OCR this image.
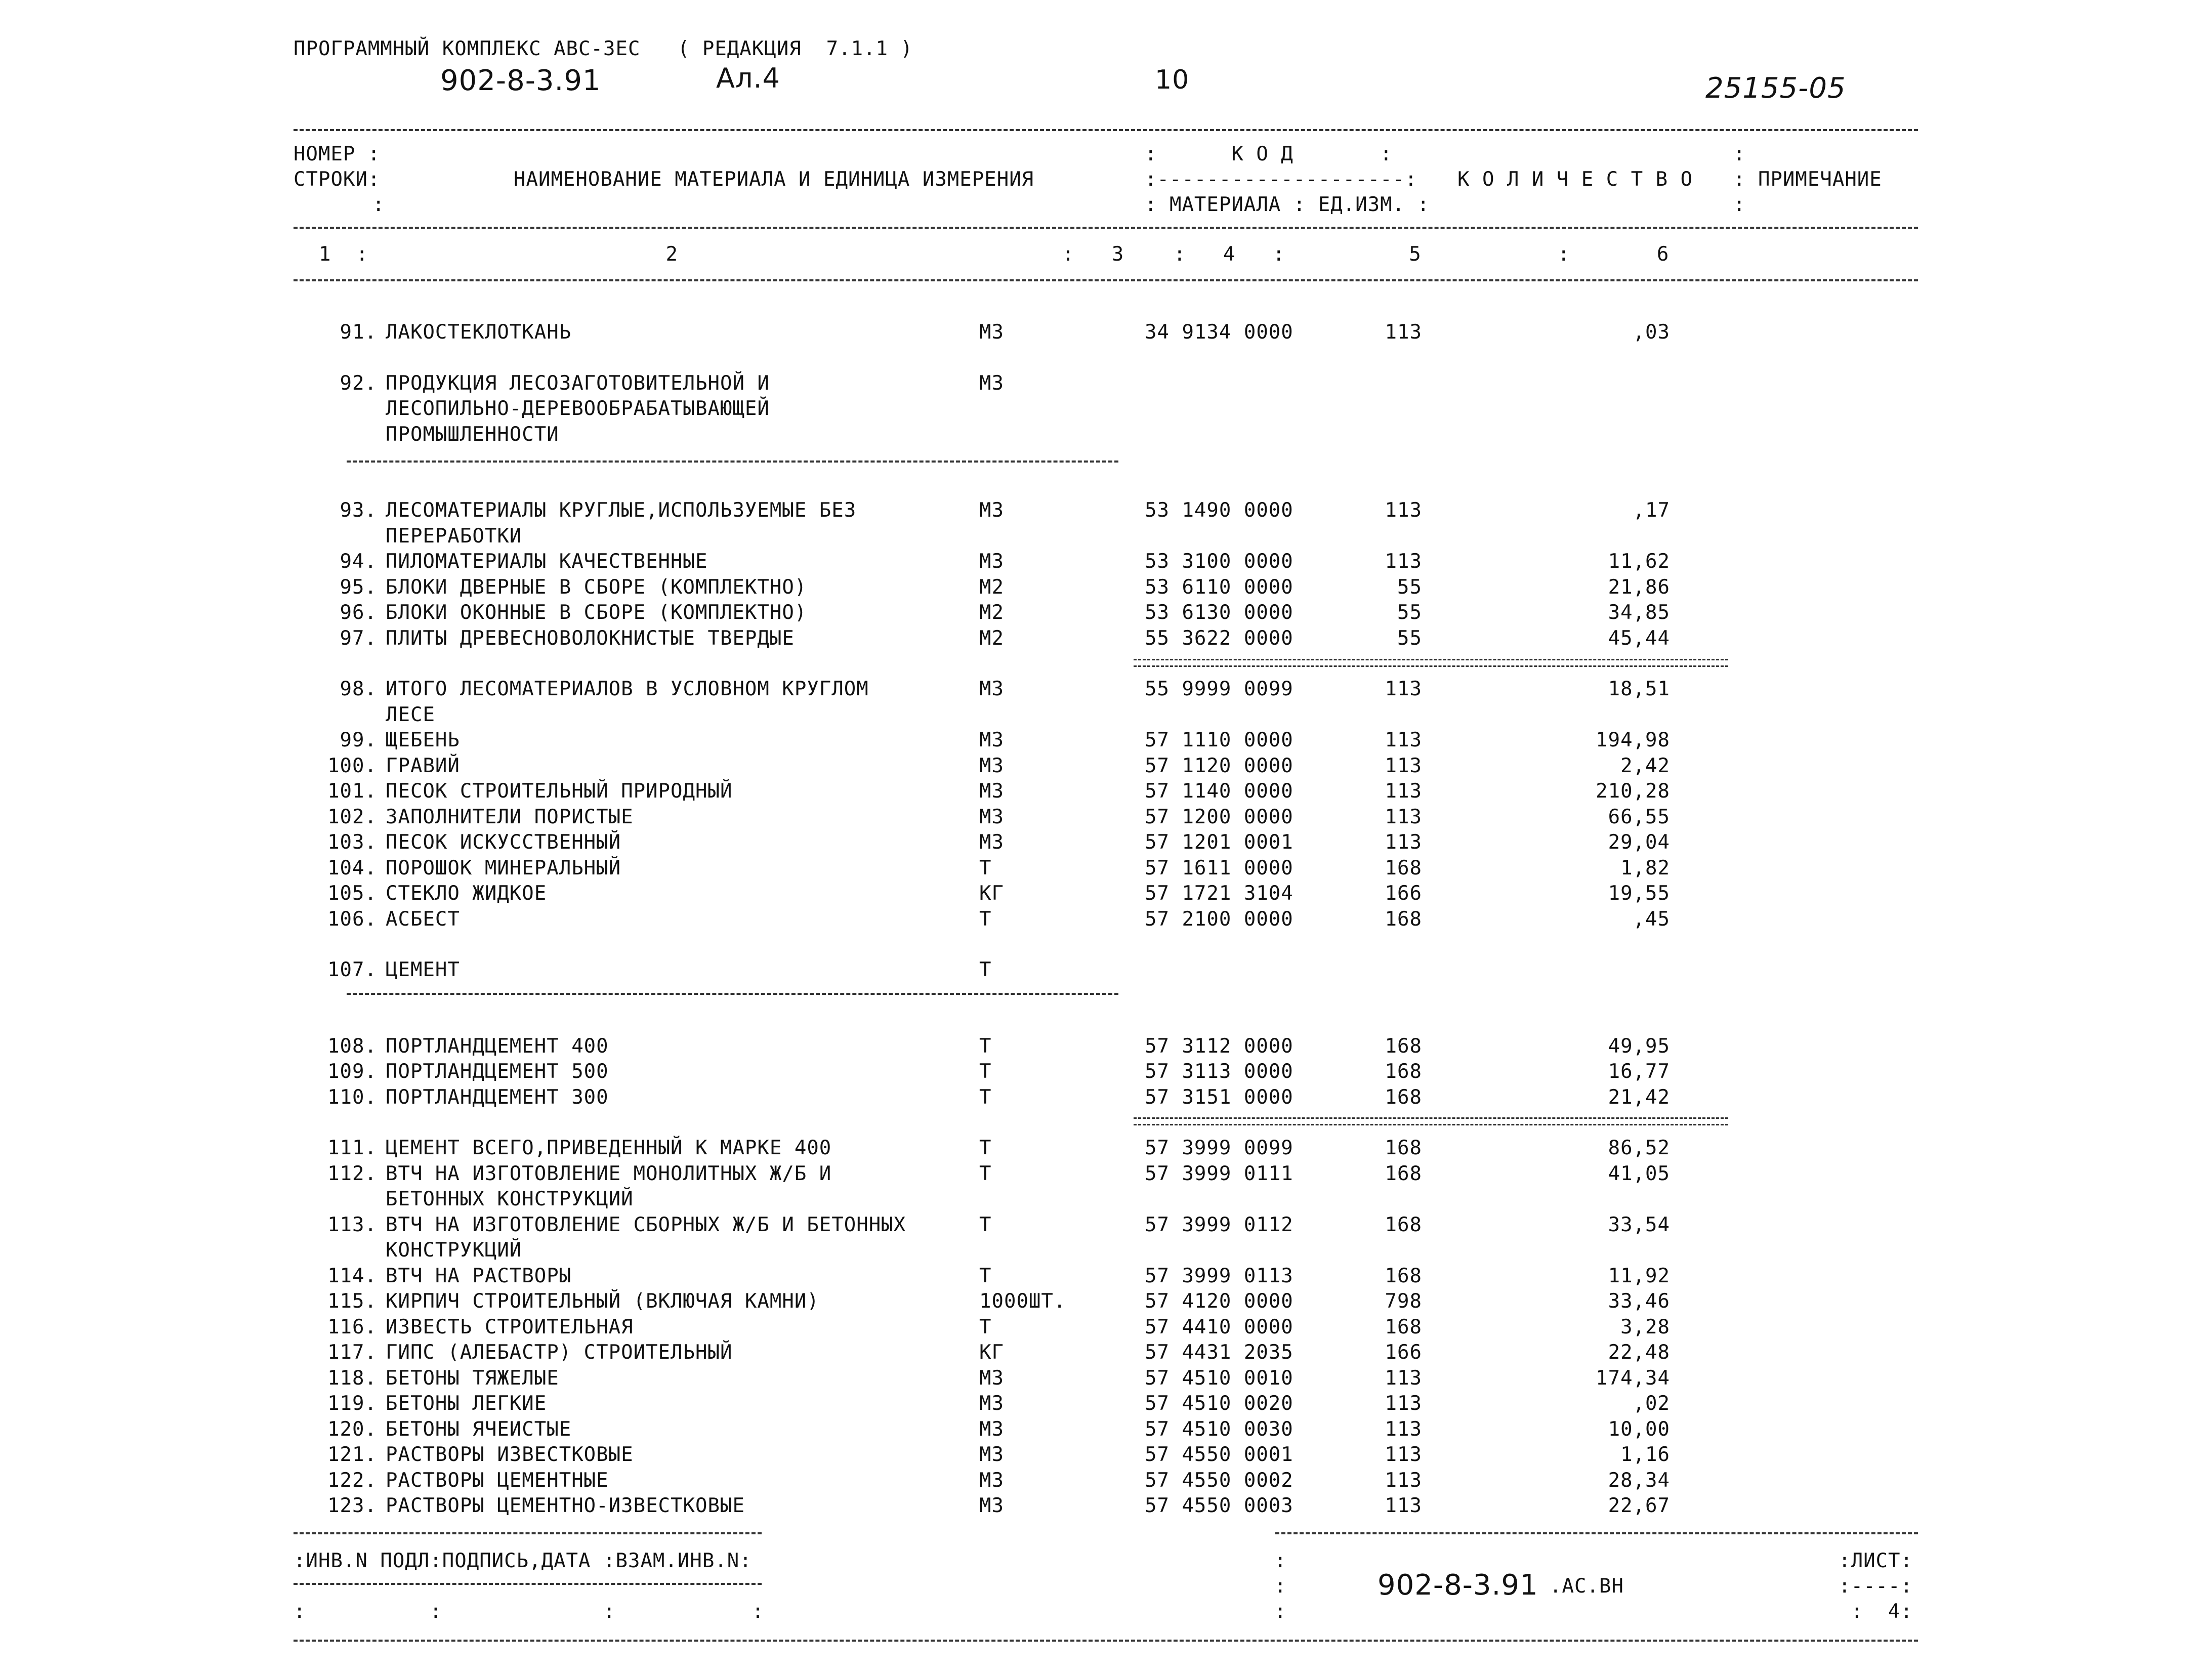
ПРОГРАММНЫЙ КОМПЛЕКС АВС-ЗЕС   ( РЕДАКЦИЯ  7.1.1 )
902-8-3.91	Ал.4	10	25155-05
НОМЕР :
СТРОКИ:
:
НАИМЕНОВАНИЕ МАТЕРИАЛА И ЕДИНИЦА ИЗМЕРЕНИЯ
:      К О Д       :
:--------------------:
: МАТЕРИАЛА : ЕД.ИЗМ. :
К О Л И Ч Е С Т В О
:
: ПРИМЕЧАНИЕ
:
1  :                        2                               :   3    :   4   :          5           :       6
91. ЛАКОСТЕКЛОТКАНЬ	М3	34 9134 0000	113	,03
92. ПРОДУКЦИЯ ЛЕСОЗАГОТОВИТЕЛЬНОЙ И
ЛЕСОПИЛЬНО-ДЕРЕВООБРАБАТЫВАЮЩЕЙ
ПРОМЫШЛЕННОСТИ
М3
93. ЛЕСОМАТЕРИАЛЫ КРУГЛЫЕ,ИСПОЛЬЗУЕМЫЕ БЕЗ
ПЕРЕРАБОТКИ
М3	53 1490 0000	113	,17
94. ПИЛОМАТЕРИАЛЫ КАЧЕСТВЕННЫЕ	М3	53 3100 0000	113	11,62
95. БЛОКИ ДВЕРНЫЕ В СБОРЕ (КОМПЛЕКТНО)	М2	53 6110 0000	55	21,86
96. БЛОКИ ОКОННЫЕ В СБОРЕ (КОМПЛЕКТНО)	М2	53 6130 0000	55	34,85
97. ПЛИТЫ ДРЕВЕСНОВОЛОКНИСТЫЕ ТВЕРДЫЕ	М2	55 3622 0000	55	45,44
98. ИТОГО ЛЕСОМАТЕРИАЛОВ В УСЛОВНОМ КРУГЛОМ
ЛЕСЕ
М3	55 9999 0099	113	18,51
99. ЩЕБЕНЬ	М3	57 1110 0000	113	194,98
100. ГРАВИЙ	М3	57 1120 0000	113	2,42
101. ПЕСОК СТРОИТЕЛЬНЫЙ ПРИРОДНЫЙ	М3	57 1140 0000	113	210,28
102. ЗАПОЛНИТЕЛИ ПОРИСТЫЕ	М3	57 1200 0000	113	66,55
103. ПЕСОК ИСКУССТВЕННЫЙ	М3	57 1201 0001	113	29,04
104. ПОРОШОК МИНЕРАЛЬНЫЙ	Т	57 1611 0000	168	1,82
105. СТЕКЛО ЖИДКОЕ	КГ	57 1721 3104	166	19,55
106. АСБЕСТ	Т	57 2100 0000	168	,45
107. ЦЕМЕНТ	Т
108. ПОРТЛАНДЦЕМЕНТ 400	Т	57 3112 0000	168	49,95
109. ПОРТЛАНДЦЕМЕНТ 500	Т	57 3113 0000	168	16,77
110. ПОРТЛАНДЦЕМЕНТ 300	Т	57 3151 0000	168	21,42
111. ЦЕМЕНТ ВСЕГО,ПРИВЕДЕННЫЙ К МАРКЕ 400	Т	57 3999 0099	168	86,52
112. ВТЧ НА ИЗГОТОВЛЕНИЕ МОНОЛИТНЫХ Ж/Б И
БЕТОННЫХ КОНСТРУКЦИЙ
Т	57 3999 0111	168	41,05
113. ВТЧ НА ИЗГОТОВЛЕНИЕ СБОРНЫХ Ж/Б И БЕТОННЫХ
КОНСТРУКЦИЙ
Т	57 3999 0112	168	33,54
114. ВТЧ НА РАСТВОРЫ	Т	57 3999 0113	168	11,92
115. КИРПИЧ СТРОИТЕЛЬНЫЙ (ВКЛЮЧАЯ КАМНИ)	1000ШТ.	57 4120 0000	798	33,46
116. ИЗВЕСТЬ СТРОИТЕЛЬНАЯ	Т	57 4410 0000	168	3,28
117. ГИПС (АЛЕБАСТР) СТРОИТЕЛЬНЫЙ	КГ	57 4431 2035	166	22,48
118. БЕТОНЫ ТЯЖЕЛЫЕ	М3	57 4510 0010	113	174,34
119. БЕТОНЫ ЛЕГКИЕ	М3	57 4510 0020	113	,02
120. БЕТОНЫ ЯЧЕИСТЫЕ	М3	57 4510 0030	113	10,00
121. РАСТВОРЫ ИЗВЕСТКОВЫЕ	М3	57 4550 0001	113	1,16
122. РАСТВОРЫ ЦЕМЕНТНЫЕ	М3	57 4550 0002	113	28,34
123. РАСТВОРЫ ЦЕМЕНТНО-ИЗВЕСТКОВЫЕ	М3	57 4550 0003	113	22,67
:ИНВ.N ПОДЛ:ПОДПИСЬ,ДАТА :ВЗАМ.ИНВ.N:
:          :             :           :
:
:
:
902-8-3.91 .АС.ВН
:ЛИСТ:
:----:
:  4:
